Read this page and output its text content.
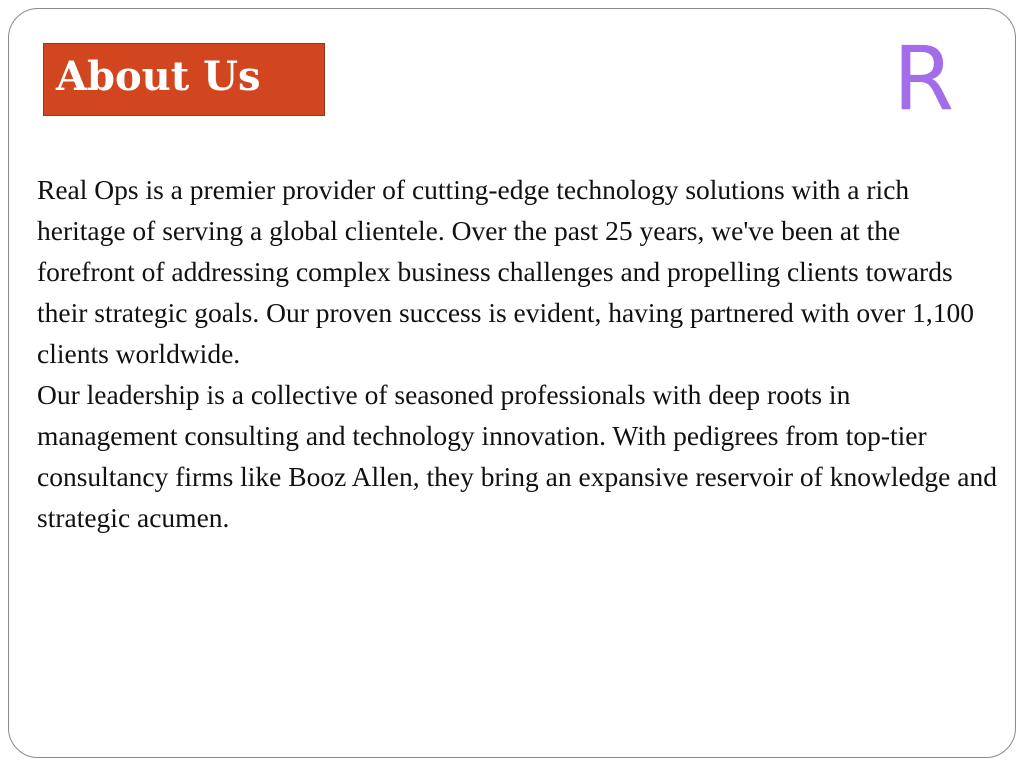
About Us	R

Real Ops is a premier provider of cutting-edge technology solutions with a rich heritage of serving a global clientele. Over the past 25 years, we've been at the forefront of addressing complex business challenges and propelling clients towards their strategic goals. Our proven success is evident, having partnered with over 1,100 clients worldwide.

Our leadership is a collective of seasoned professionals with deep roots in management consulting and technology innovation. With pedigrees from top-tier consultancy firms like Booz Allen, they bring an expansive reservoir of knowledge and strategic acumen.
